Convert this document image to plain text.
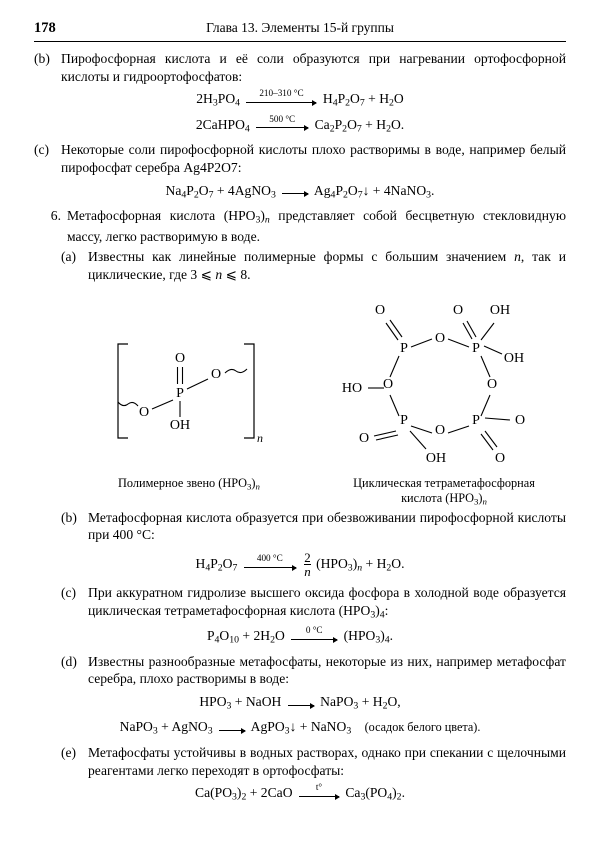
178	Глава 13. Элементы 15-й группы
(b) Пирофосфорная кислота и её соли образуются при нагревании ортофосфорной кислоты и гидроортофосфатов:
$2H_3PO_4$
210–310 °C $H_4P_2O_7 + H_2O$
2CaHPO$_4$
500 °C $Ca_2P_2O_7 + H_2O$.
(c) Некоторые соли пирофосфорной кислоты плохо растворимы в воде, например белый пирофосфат серебра Ag4P2O7:
$Na_4P_2O_7$ + 4AgNO$_3$	$Ag_4P_2O_7↓$ + 4NaNO$_3$.
6. Метафосфорная кислота $(HPO_3)_n$ представляет собой бесцветную стекловидную массу, легко растворимую в воде.
(a) Известны как линейные полимерные формы с большим значением n, так и циклические, где 3 ⩽ n ⩽ 8.
n
P
O
OH
O
O
P	P
P	P
O
O
O
O
O	OH
O
OH
O
O
OH
O
HO
Полимерное звено $(HPO_3)_n$	Циклическая тетраметафосфорная
кислота $(HPO_3)_n$
(b) Метафосфорная кислота образуется при обезвоживании пирофосфорной кислоты при 400 °C:
$H_4P_2O_7$
400 °C
$\frac{2}{n} (HPO_3)_n + H_2O$.
(c) При аккуратном гидролизе высшего оксида фосфора в холодной воде образуется циклическая тетраметафосфорная кислота $(HPO_3)_4$:
$P_4O_{10} + 2H_2O$ 0 °C $(HPO_3)_4$.
(d) Известны разнообразные метафосфаты, некоторые из них, например метафосфат серебра, плохо растворимы в воде:
$HPO_3$ + NaOH	NaPO$_3$ + $H_2O$,
NaPO$_3$ + AgNO$_3$	AgPO$_3$↓ + NaNO$_3$ (осадок белого цвета).
(e) Метафосфаты устойчивы в водных растворах, однако при спекании с щелочными реагентами легко переходят в ортофосфаты:
$Ca(PO_3)_2 + 2CaO$	t° $Ca_3(PO_4)_2$.
